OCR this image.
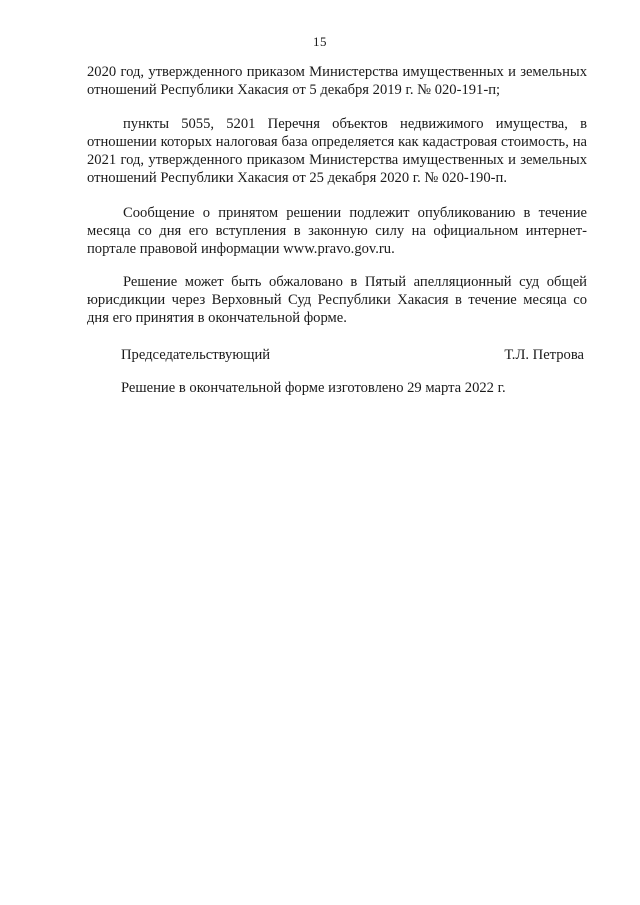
15

2020 год, утвержденного приказом Министерства имущественных и земельных отношений Республики Хакасия от 5 декабря 2019 г. № 020-191-п;

пункты 5055, 5201 Перечня объектов недвижимого имущества, в отношении которых налоговая база определяется как кадастровая стоимость, на 2021 год, утвержденного приказом Министерства имущественных и земельных отношений Республики Хакасия от 25 декабря 2020 г. № 020-190-п.

Сообщение о принятом решении подлежит опубликованию в течение месяца со дня его вступления в законную силу на официальном интернет-портале правовой информации www.pravo.gov.ru.

Решение может быть обжаловано в Пятый апелляционный суд общей юрисдикции через Верховный Суд Республики Хакасия в течение месяца со дня его принятия в окончательной форме.

Председательствующий	Т.Л. Петрова
Решение в окончательной форме изготовлено 29 марта 2022 г.
